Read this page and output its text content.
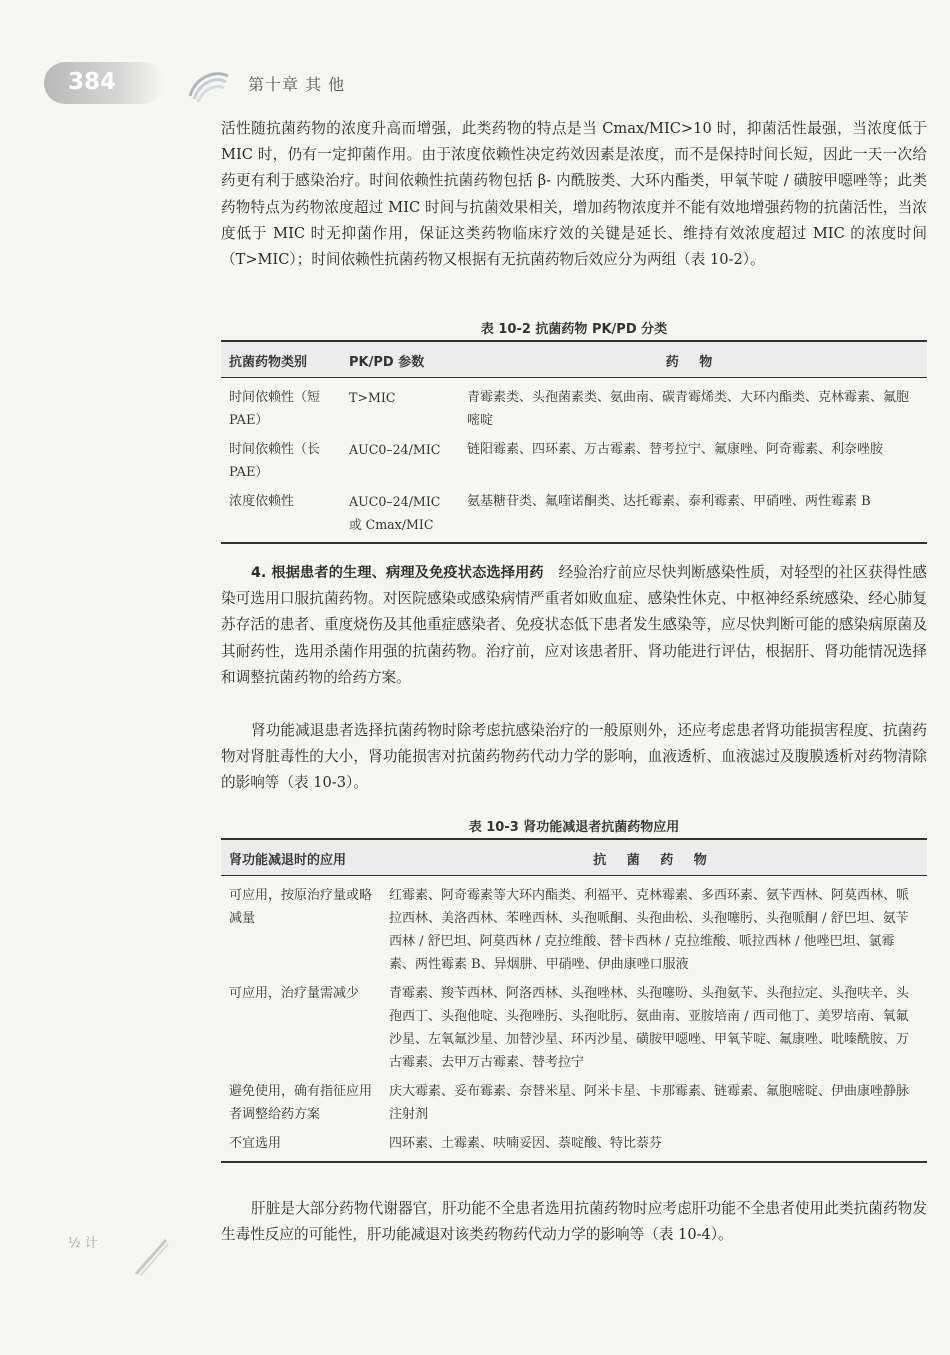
384	第十章 其 他

活性随抗菌药物的浓度升高而增强，此类药物的特点是当 Cmax/MIC>10 时，抑菌活性最强，当浓度低于 MIC 时，仍有一定抑菌作用。由于浓度依赖性决定药效因素是浓度，而不是保持时间长短，因此一天一次给药更有利于感染治疗。时间依赖性抗菌药物包括 β- 内酰胺类、大环内酯类，甲氧苄啶 / 磺胺甲噁唑等；此类药物特点为药物浓度超过 MIC 时间与抗菌效果相关，增加药物浓度并不能有效地增强药物的抗菌活性，当浓度低于 MIC 时无抑菌作用，保证这类药物临床疗效的关键是延长、维持有效浓度超过 MIC 的浓度时间（T>MIC）；时间依赖性抗菌药物又根据有无抗菌药物后效应分为两组（表 10-2）。

表 10-2 抗菌药物 PK/PD 分类
抗菌药物类别	PK/PD 参数	药 物
时间依赖性（短 PAE）	T>MIC	青霉素类、头孢菌素类、氨曲南、碳青霉烯类、大环内酯类、克林霉素、氟胞嘧啶
时间依赖性（长 PAE）	AUC0–24/MIC	链阳霉素、四环素、万古霉素、替考拉宁、氟康唑、阿奇霉素、利奈唑胺
浓度依赖性	AUC0–24/MIC 或 Cmax/MIC	氨基糖苷类、氟喹诺酮类、达托霉素、泰利霉素、甲硝唑、两性霉素 B

4. 根据患者的生理、病理及免疫状态选择用药　 经验治疗前应尽快判断感染性质，对轻型的社区获得性感染可选用口服抗菌药物。对医院感染或感染病情严重者如败血症、感染性休克、中枢神经系统感染、经心肺复苏存活的患者、重度烧伤及其他重症感染者、免疫状态低下患者发生感染等，应尽快判断可能的感染病原菌及其耐药性，选用杀菌作用强的抗菌药物。治疗前，应对该患者肝、肾功能进行评估，根据肝、肾功能情况选择和调整抗菌药物的给药方案。

肾功能减退患者选择抗菌药物时除考虑抗感染治疗的一般原则外，还应考虑患者肾功能损害程度、抗菌药物对肾脏毒性的大小，肾功能损害对抗菌药物药代动力学的影响，血液透析、血液滤过及腹膜透析对药物清除的影响等（表 10-3）。

表 10-3 肾功能减退者抗菌药物应用
肾功能减退时的应用	抗 菌 药 物
可应用，按原治疗量或略减量	红霉素、阿奇霉素等大环内酯类、利福平、克林霉素、多西环素、氨苄西林、阿莫西林、哌拉西林、美洛西林、苯唑西林、头孢哌酮、头孢曲松、头孢噻肟、头孢哌酮 / 舒巴坦、氨苄西林 / 舒巴坦、阿莫西林 / 克拉维酸、替卡西林 / 克拉维酸、哌拉西林 / 他唑巴坦、氯霉素、两性霉素 B、异烟肼、甲硝唑、伊曲康唑口服液
可应用，治疗量需减少	青霉素、羧苄西林、阿洛西林、头孢唑林、头孢噻吩、头孢氨苄、头孢拉定、头孢呋辛、头孢西丁、头孢他啶、头孢唑肟、头孢吡肟、氨曲南、亚胺培南 / 西司他丁、美罗培南、氧氟沙星、左氧氟沙星、加替沙星、环丙沙星、磺胺甲噁唑、甲氧苄啶、氟康唑、吡嗪酰胺、万古霉素、去甲万古霉素、替考拉宁
避免使用，确有指征应用者调整给药方案	庆大霉素、妥布霉素、奈替米星、阿米卡星、卡那霉素、链霉素、氟胞嘧啶、伊曲康唑静脉注射剂
不宜选用	四环素、土霉素、呋喃妥因、萘啶酸、特比萘芬

肝脏是大部分药物代谢器官，肝功能不全患者选用抗菌药物时应考虑肝功能不全患者使用此类抗菌药物发生毒性反应的可能性，肝功能减退对该类药物药代动力学的影响等（表 10-4）。

½ 计
